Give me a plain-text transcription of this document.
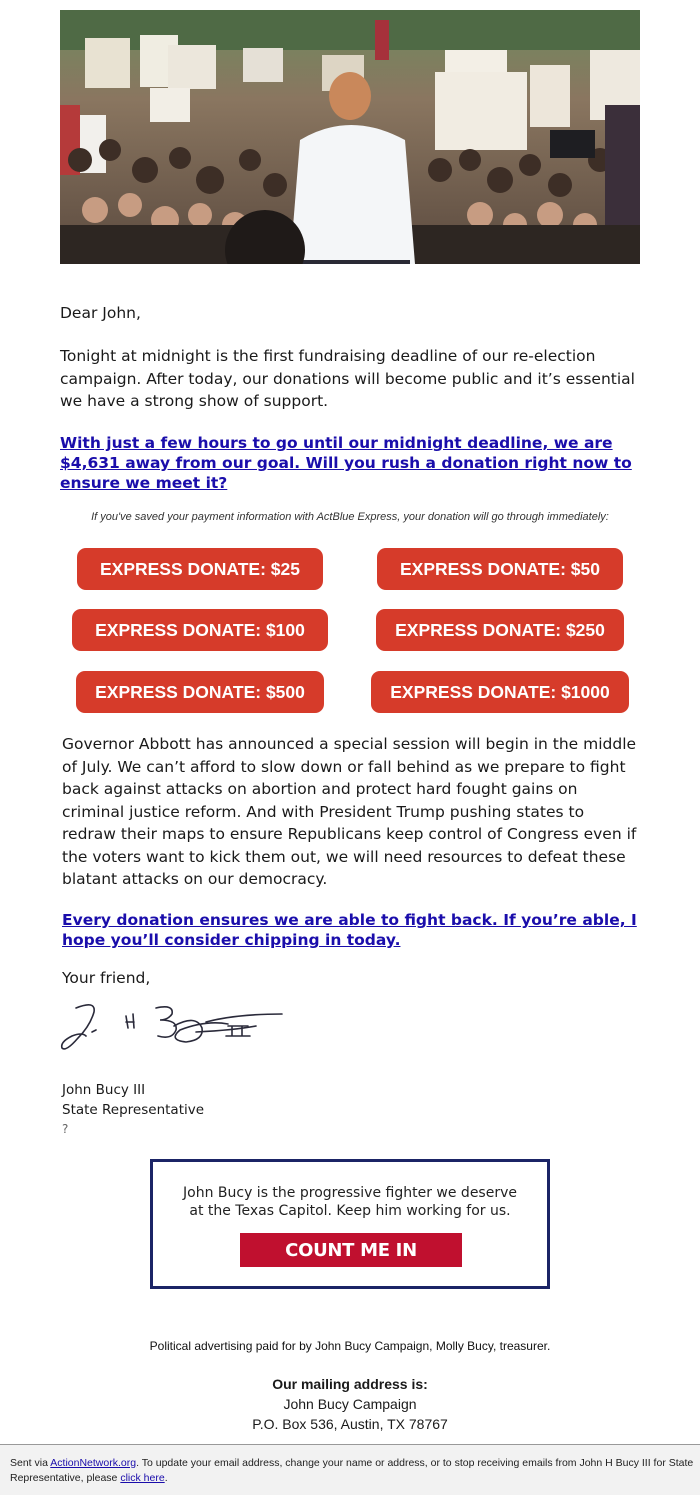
Dear John,
Tonight at midnight is the first fundraising deadline of our re-election campaign. After today, our donations will become public and it’s essential we have a strong show of support.
With just a few hours to go until our midnight deadline, we are $4,631 away from our goal. Will you rush a donation right now to ensure we meet it?
If you've saved your payment information with ActBlue Express, your donation will go through immediately:
EXPRESS DONATE: $25	EXPRESS DONATE: $50
EXPRESS DONATE: $100	EXPRESS DONATE: $250
EXPRESS DONATE: $500	EXPRESS DONATE: $1000
Governor Abbott has announced a special session will begin in the middle of July. We can’t afford to slow down or fall behind as we prepare to fight back against attacks on abortion and protect hard fought gains on criminal justice reform. And with President Trump pushing states to redraw their maps to ensure Republicans keep control of Congress even if the voters want to kick them out, we will need resources to defeat these blatant attacks on our democracy.
Every donation ensures we are able to fight back. If you’re able, I hope you’ll consider chipping in today.
Your friend,
John Bucy III
State Representative
?
John Bucy is the progressive fighter we deserve
at the Texas Capitol. Keep him working for us.
COUNT ME IN
Political advertising paid for by John Bucy Campaign, Molly Bucy, treasurer.
Our mailing address is:
John Bucy Campaign
P.O. Box 536, Austin, TX 78767
Sent via ActionNetwork.org. To update your email address, change your name or address, or to stop receiving emails from John H Bucy III for State Representative, please click here.
